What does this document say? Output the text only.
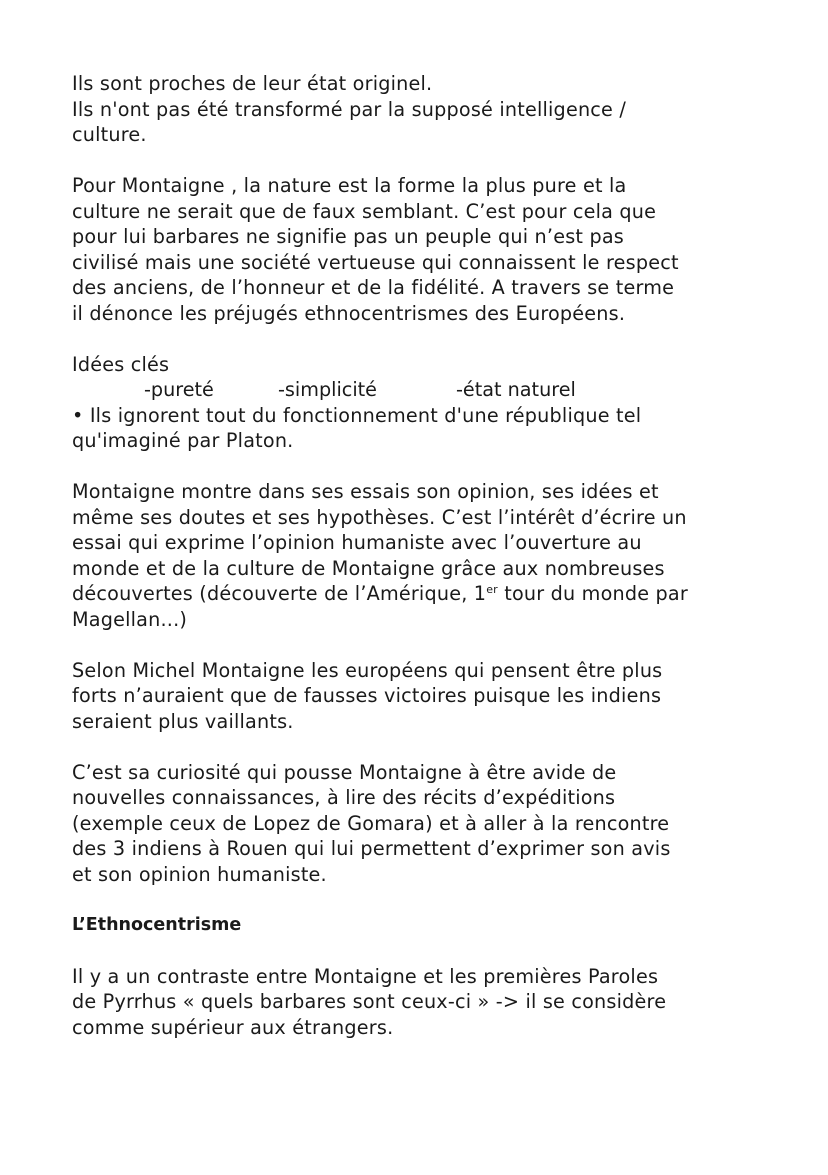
Ils sont proches de leur état originel.
Ils n'ont pas été transformé par la supposé intelligence /
culture.
Pour Montaigne , la nature est la forme la plus pure et la
culture ne serait que de faux semblant. C’est pour cela que
pour lui barbares ne signifie pas un peuple qui n’est pas
civilisé mais une société vertueuse qui connaissent le respect
des anciens, de l’honneur et de la fidélité. A travers se terme
il dénonce les préjugés ethnocentrismes des Européens.
Idées clés
-pureté	-simplicité	-état naturel
• Ils ignorent tout du fonctionnement d'une république tel
qu'imaginé par Platon.
Montaigne montre dans ses essais son opinion, ses idées et
même ses doutes et ses hypothèses. C’est l’intérêt d’écrire un
essai qui exprime l’opinion humaniste avec l’ouverture au
monde et de la culture de Montaigne grâce aux nombreuses
découvertes (découverte de l’Amérique, 1er tour du monde par
Magellan...)
Selon Michel Montaigne les européens qui pensent être plus
forts n’auraient que de fausses victoires puisque les indiens
seraient plus vaillants.
C’est sa curiosité qui pousse Montaigne à être avide de
nouvelles connaissances, à lire des récits d’expéditions
(exemple ceux de Lopez de Gomara) et à aller à la rencontre
des 3 indiens à Rouen qui lui permettent d’exprimer son avis
et son opinion humaniste.
L’Ethnocentrisme
Il y a un contraste entre Montaigne et les premières Paroles
de Pyrrhus « quels barbares sont ceux-ci » -> il se considère
comme supérieur aux étrangers.
